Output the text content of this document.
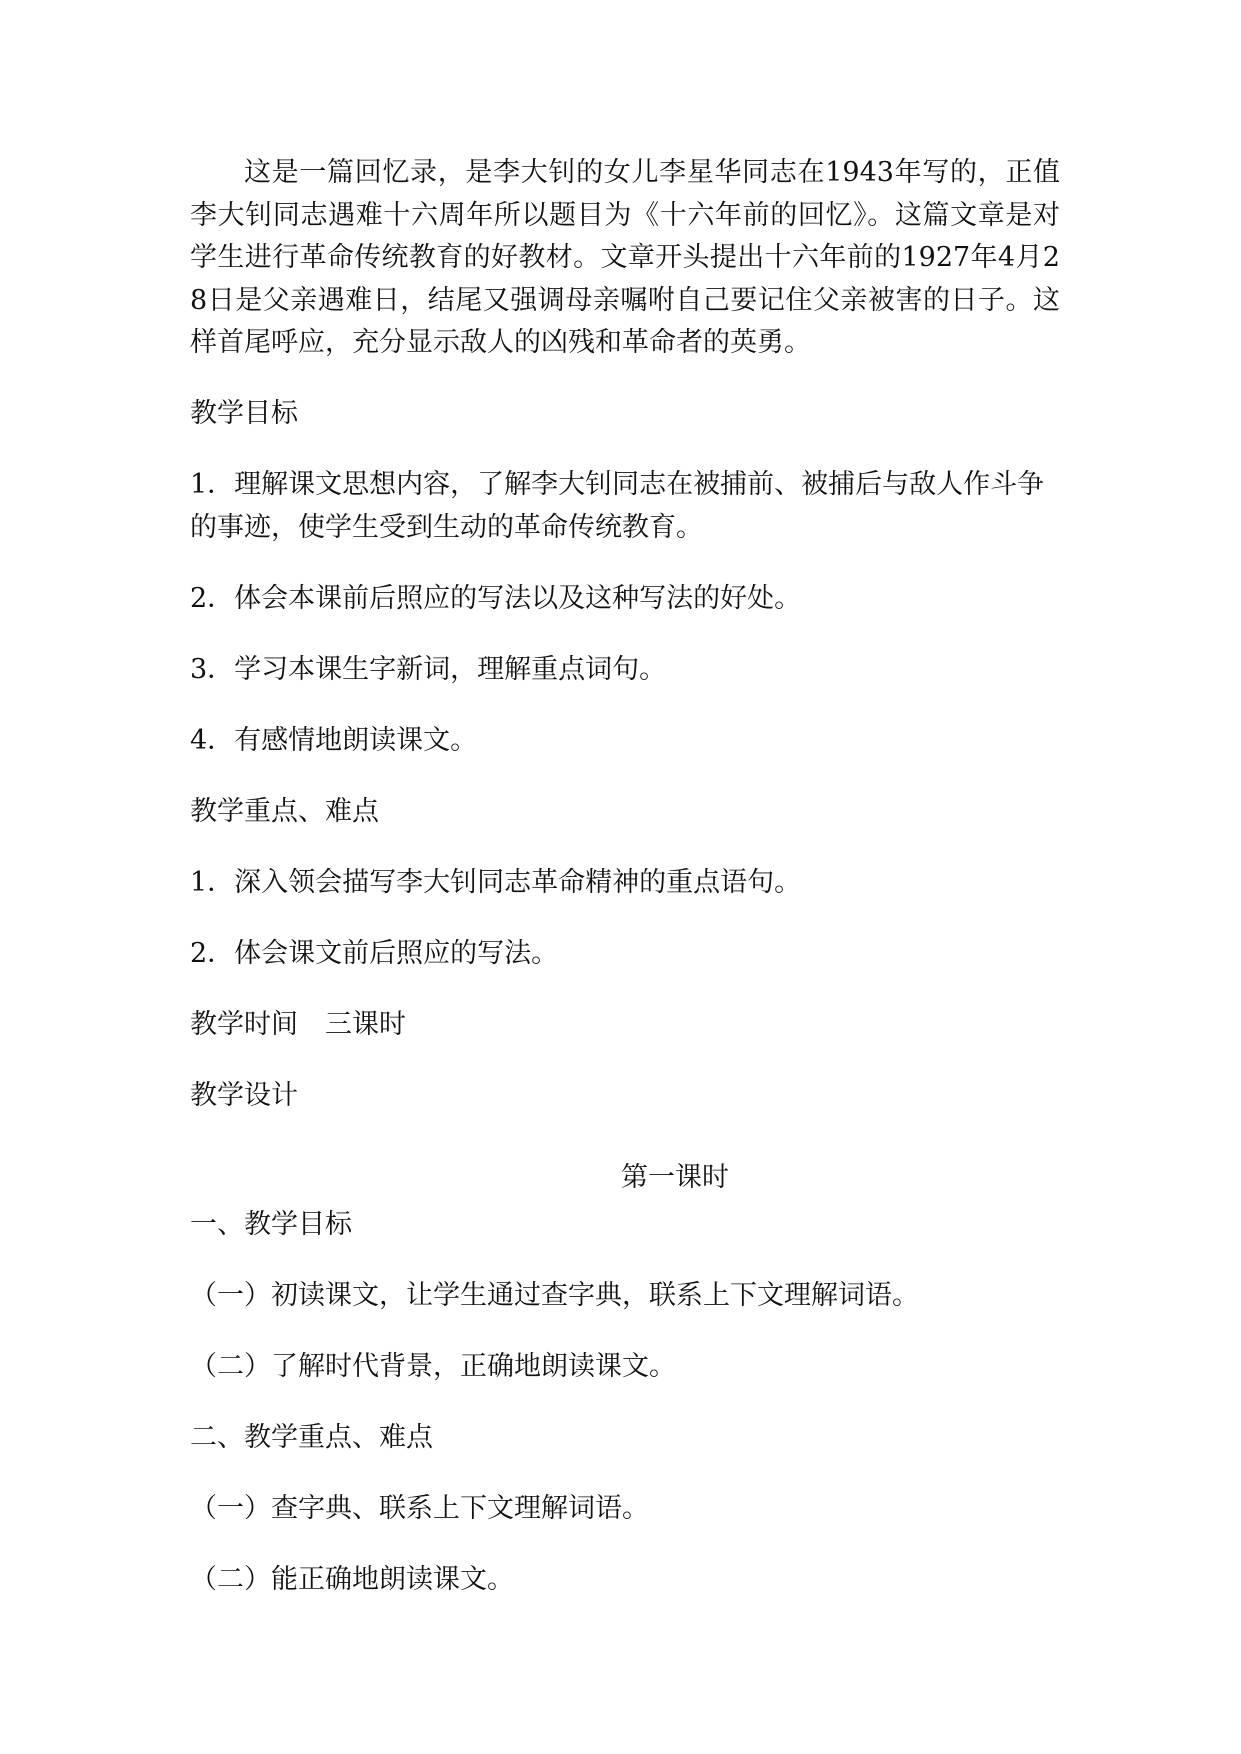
这是一篇回忆录，是李大钊的女儿李星华同志在1943年写的，正值李大钊同志遇难十六周年所以题目为《十六年前的回忆》。这篇文章是对学生进行革命传统教育的好教材。文章开头提出十六年前的1927年4月28日是父亲遇难日，结尾又强调母亲嘱咐自己要记住父亲被害的日子。这样首尾呼应，充分显示敌人的凶残和革命者的英勇。

教学目标

1．理解课文思想内容，了解李大钊同志在被捕前、被捕后与敌人作斗争的事迹，使学生受到生动的革命传统教育。

2．体会本课前后照应的写法以及这种写法的好处。

3．学习本课生字新词，理解重点词句。

4．有感情地朗读课文。

教学重点、难点

1．深入领会描写李大钊同志革命精神的重点语句。

2．体会课文前后照应的写法。

教学时间　三课时

教学设计

第一课时

一、教学目标

（一）初读课文，让学生通过查字典，联系上下文理解词语。

（二）了解时代背景，正确地朗读课文。

二、教学重点、难点

（一）查字典、联系上下文理解词语。

（二）能正确地朗读课文。
